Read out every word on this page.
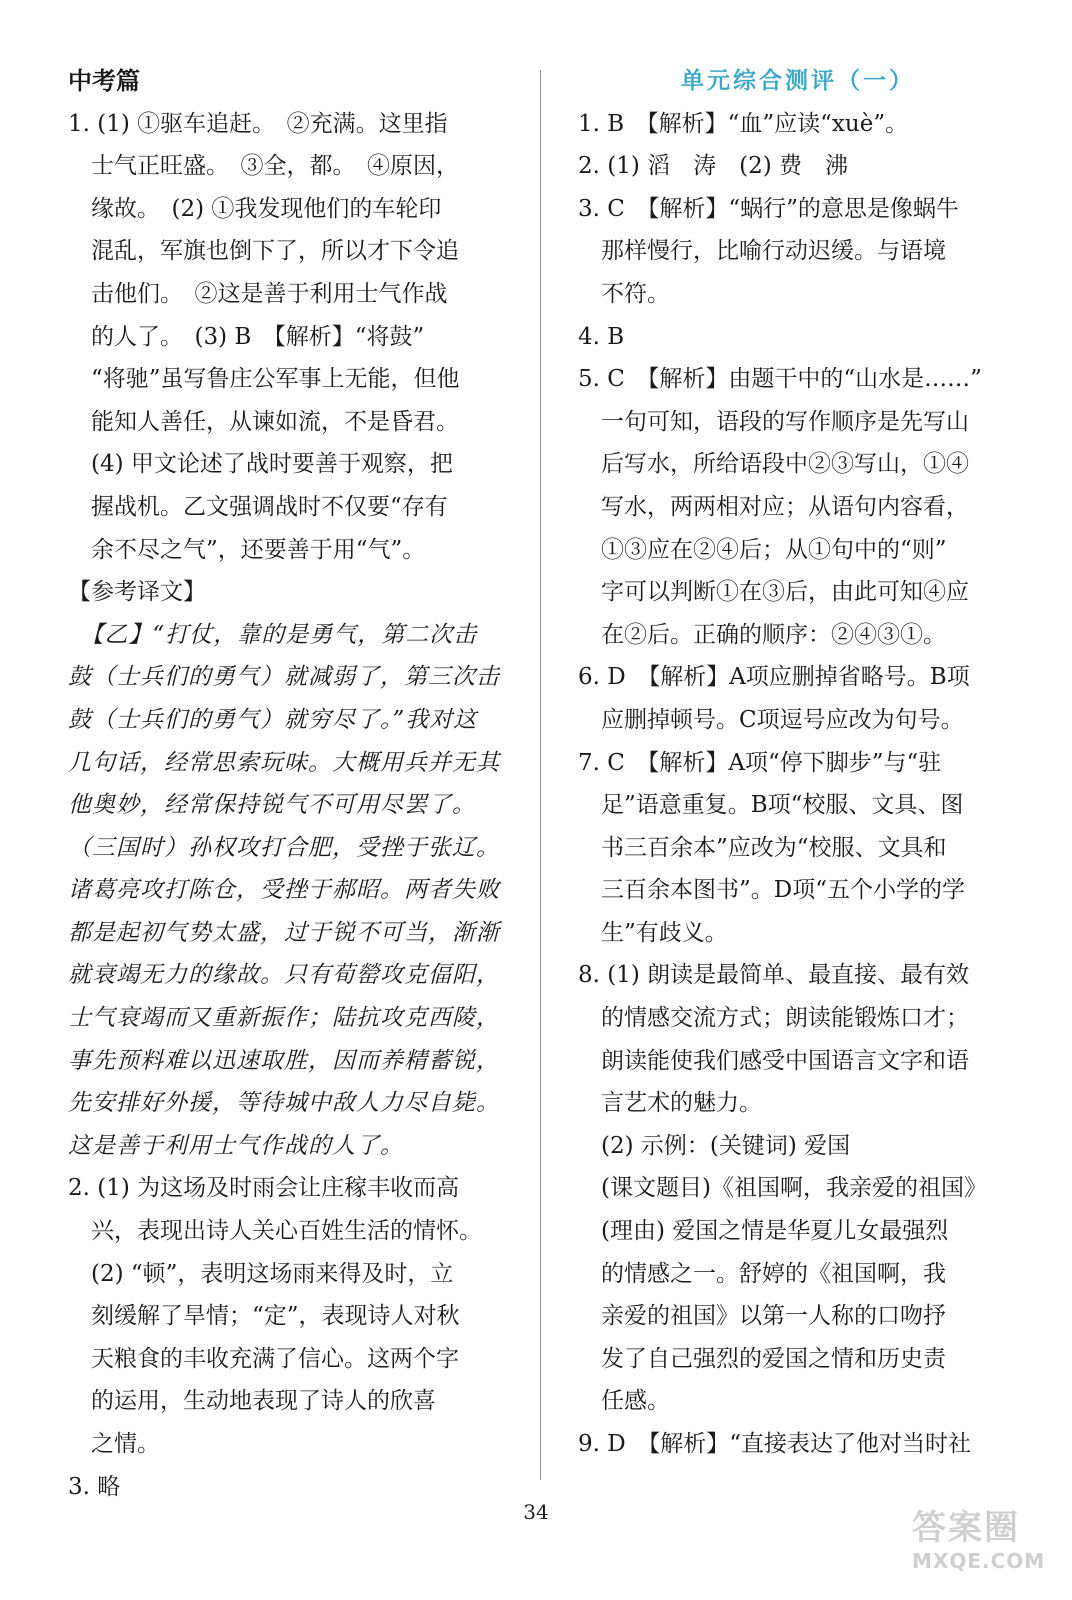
中考篇

1. (1) ①驱车追赶。　②充满。这里指

　士气正旺盛。　③全，都。　④原因，

　缘故。　(2) ①我发现他们的车轮印

　混乱，军旗也倒下了，所以才下令追

　击他们。　②这是善于利用士气作战

　的人了。　(3) B　【解析】“将鼓”

　“将驰”虽写鲁庄公军事上无能，但他

　能知人善任，从谏如流，不是昏君。

　(4) 甲文论述了战时要善于观察，把

　握战机。乙文强调战时不仅要“存有

　余不尽之气”，还要善于用“气”。

【参考译文】

　【乙】“打仗，靠的是勇气，第二次击

鼓（士兵们的勇气）就减弱了，第三次击

鼓（士兵们的勇气）就穷尽了。”我对这

几句话，经常思索玩味。大概用兵并无其

他奥妙，经常保持锐气不可用尽罢了。

（三国时）孙权攻打合肥，受挫于张辽。

诸葛亮攻打陈仓，受挫于郝昭。两者失败

都是起初气势太盛，过于锐不可当，渐渐

就衰竭无力的缘故。只有荀罃攻克偪阳，

士气衰竭而又重新振作；陆抗攻克西陵，

事先预料难以迅速取胜，因而养精蓄锐，

先安排好外援，等待城中敌人力尽自毙。

这是善于利用士气作战的人了。

2. (1) 为这场及时雨会让庄稼丰收而高

　兴，表现出诗人关心百姓生活的情怀。

　(2) “顿”，表明这场雨来得及时，立

　刻缓解了旱情；“定”，表现诗人对秋

　天粮食的丰收充满了信心。这两个字

　的运用，生动地表现了诗人的欣喜

　之情。

3. 略

单元综合测评（一）

1. B　【解析】“血”应读“xuè”。

2. (1) 滔　涛　(2) 费　沸

3. C　【解析】“蜗行”的意思是像蜗牛

　那样慢行，比喻行动迟缓。与语境

　不符。

4. B

5. C　【解析】由题干中的“山水是……”

　一句可知，语段的写作顺序是先写山

　后写水，所给语段中②③写山，①④

　写水，两两相对应；从语句内容看，

　①③应在②④后；从①句中的“则”

　字可以判断①在③后，由此可知④应

　在②后。正确的顺序：②④③①。

6. D　【解析】A项应删掉省略号。B项

　应删掉顿号。C项逗号应改为句号。

7. C　【解析】A项“停下脚步”与“驻

　足”语意重复。B项“校服、文具、图

　书三百余本”应改为“校服、文具和

　三百余本图书”。D项“五个小学的学

　生”有歧义。

8. (1) 朗读是最简单、最直接、最有效

　的情感交流方式；朗读能锻炼口才；

　朗读能使我们感受中国语言文字和语

　言艺术的魅力。

　(2) 示例：(关键词) 爱国

　(课文题目)《祖国啊，我亲爱的祖国》

　(理由) 爱国之情是华夏儿女最强烈

　的情感之一。舒婷的《祖国啊，我

　亲爱的祖国》以第一人称的口吻抒

　发了自己强烈的爱国之情和历史责

　任感。

9. D　【解析】“直接表达了他对当时社

34	答案圈
MXQE.COM
